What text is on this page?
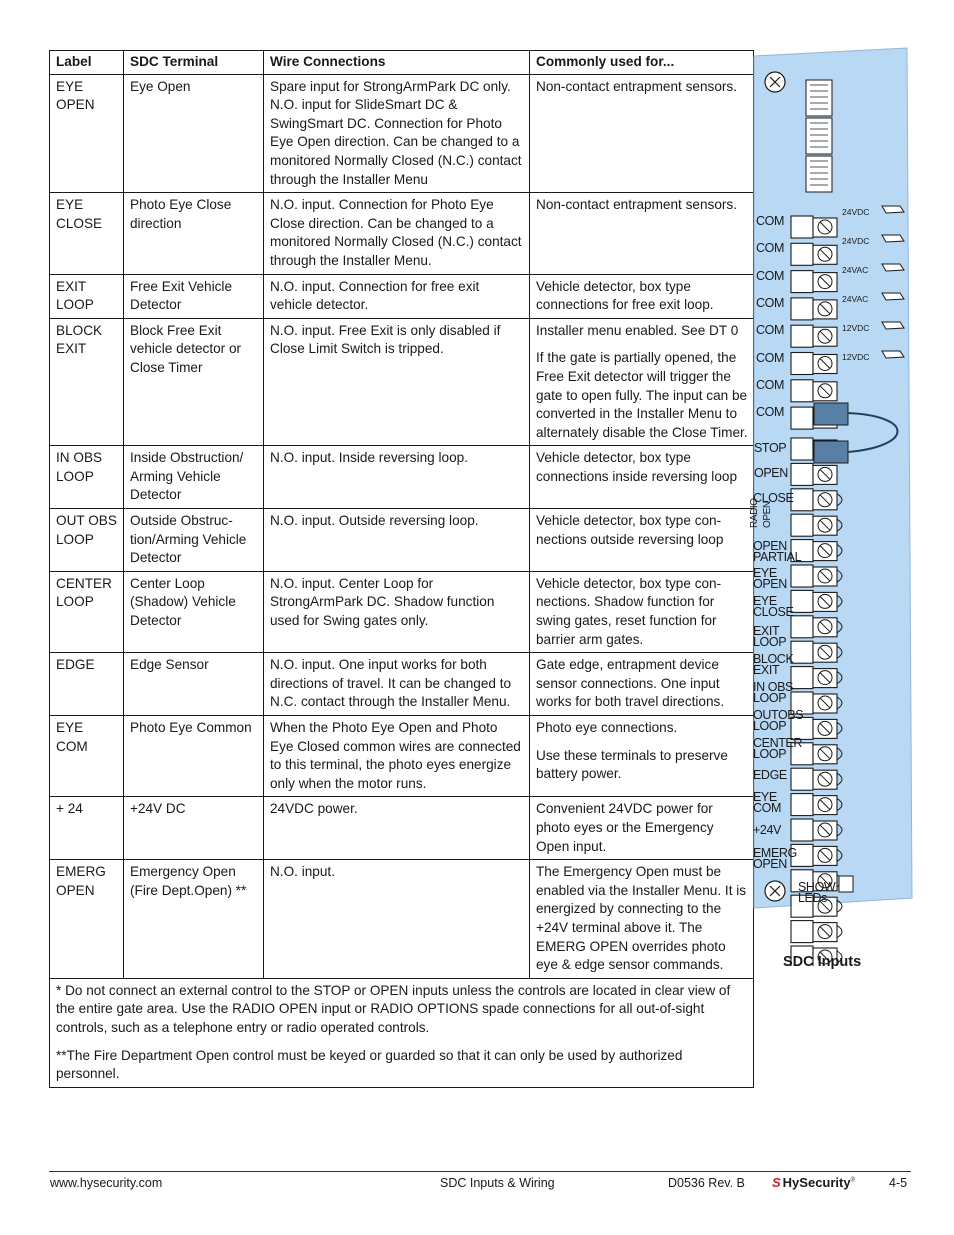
Label	SDC Terminal	Wire Connections	Commonly used for...
EYE OPEN	Eye Open	Spare input for StrongArmPark DC only. N.O. input for SlideSmart DC & SwingSmart DC. Connection for Photo Eye Open direction. Can be changed to a monitored Normally Closed (N.C.) contact through the Installer Menu	Non-contact entrapment sensors.

EYE CLOSE	Photo Eye Close direction	N.O. input. Connection for Photo Eye Close direction. Can be changed to a monitored Normally Closed (N.C.) contact through the Installer Menu.	Non-contact entrapment sensors.

EXIT LOOP	Free Exit Vehicle Detector	N.O. input. Connection for free exit vehicle detector.	Vehicle detector, box type connections for free exit loop.

BLOCK EXIT	Block Free Exit vehicle detector or Close Timer	N.O. input. Free Exit is only disabled if Close Limit Switch is tripped.	Installer menu enabled. See DT 0

If the gate is partially opened, the Free Exit detector will trigger the gate to open fully. The input can be converted in the Installer Menu to alternately disable the Close Timer.

IN OBS LOOP	Inside Obstruction/ Arming Vehicle Detector	N.O. input. Inside reversing loop.	Vehicle detector, box type connections inside reversing loop

OUT OBS LOOP	Outside Obstruc-tion/Arming Vehicle Detector	N.O. input. Outside reversing loop.	Vehicle detector, box type con-nections outside reversing loop

CENTER LOOP	Center Loop (Shadow) Vehicle Detector	N.O. input. Center Loop for StrongArmPark DC. Shadow function used for Swing gates only.	Vehicle detector, box type con-nections. Shadow function for swing gates, reset function for barrier arm gates.

EDGE	Edge Sensor	N.O. input. One input works for both directions of travel. It can be changed to N.C. contact through the Installer Menu.	Gate edge, entrapment device sensor connections. One input works for both travel directions.

EYE COM	Photo Eye Common	When the Photo Eye Open and Photo Eye Closed common wires are connected to this terminal, the photo eyes energize only when the motor runs.	Photo eye connections.

Use these terminals to preserve battery power.

+ 24	+24V DC	24VDC power.	Convenient 24VDC power for photo eyes or the Emergency Open input.

EMERG OPEN	Emergency Open (Fire Dept.Open) **	N.O. input.	The Emergency Open must be enabled via the Installer Menu. It is energized by connecting to the +24V terminal above it. The EMERG OPEN overrides photo eye & edge sensor commands.

* Do not connect an external control to the STOP or OPEN inputs unless the controls are located in clear view of the entire gate area. Use the RADIO OPEN input or RADIO OPTIONS spade connections for all out-of-sight controls, such as a telephone entry or radio operated controls.

**The Fire Department Open control must be keyed or guarded so that it can only be used by authorized personnel.			

COM
COM
COM
COM
COM
COM
COM
COM
24VDC
24VDC
24VAC
24VAC
12VDC
12VDC
STOP
OPEN
CLOSE
RADIO OPEN
OPEN
PARTIAL
EYE
OPEN
EYE
CLOSE
EXIT
LOOP
BLOCK
EXIT
IN OBS
LOOP
OUTOBS
LOOP
CENTER
LOOP
EDGE
EYE
COM
+24V
EMERG
OPEN
SHOW
LEDs
SDC Inputs
www.hysecurity.com	SDC Inputs & Wiring	D0536 Rev. B S HySecurity®	4-5
